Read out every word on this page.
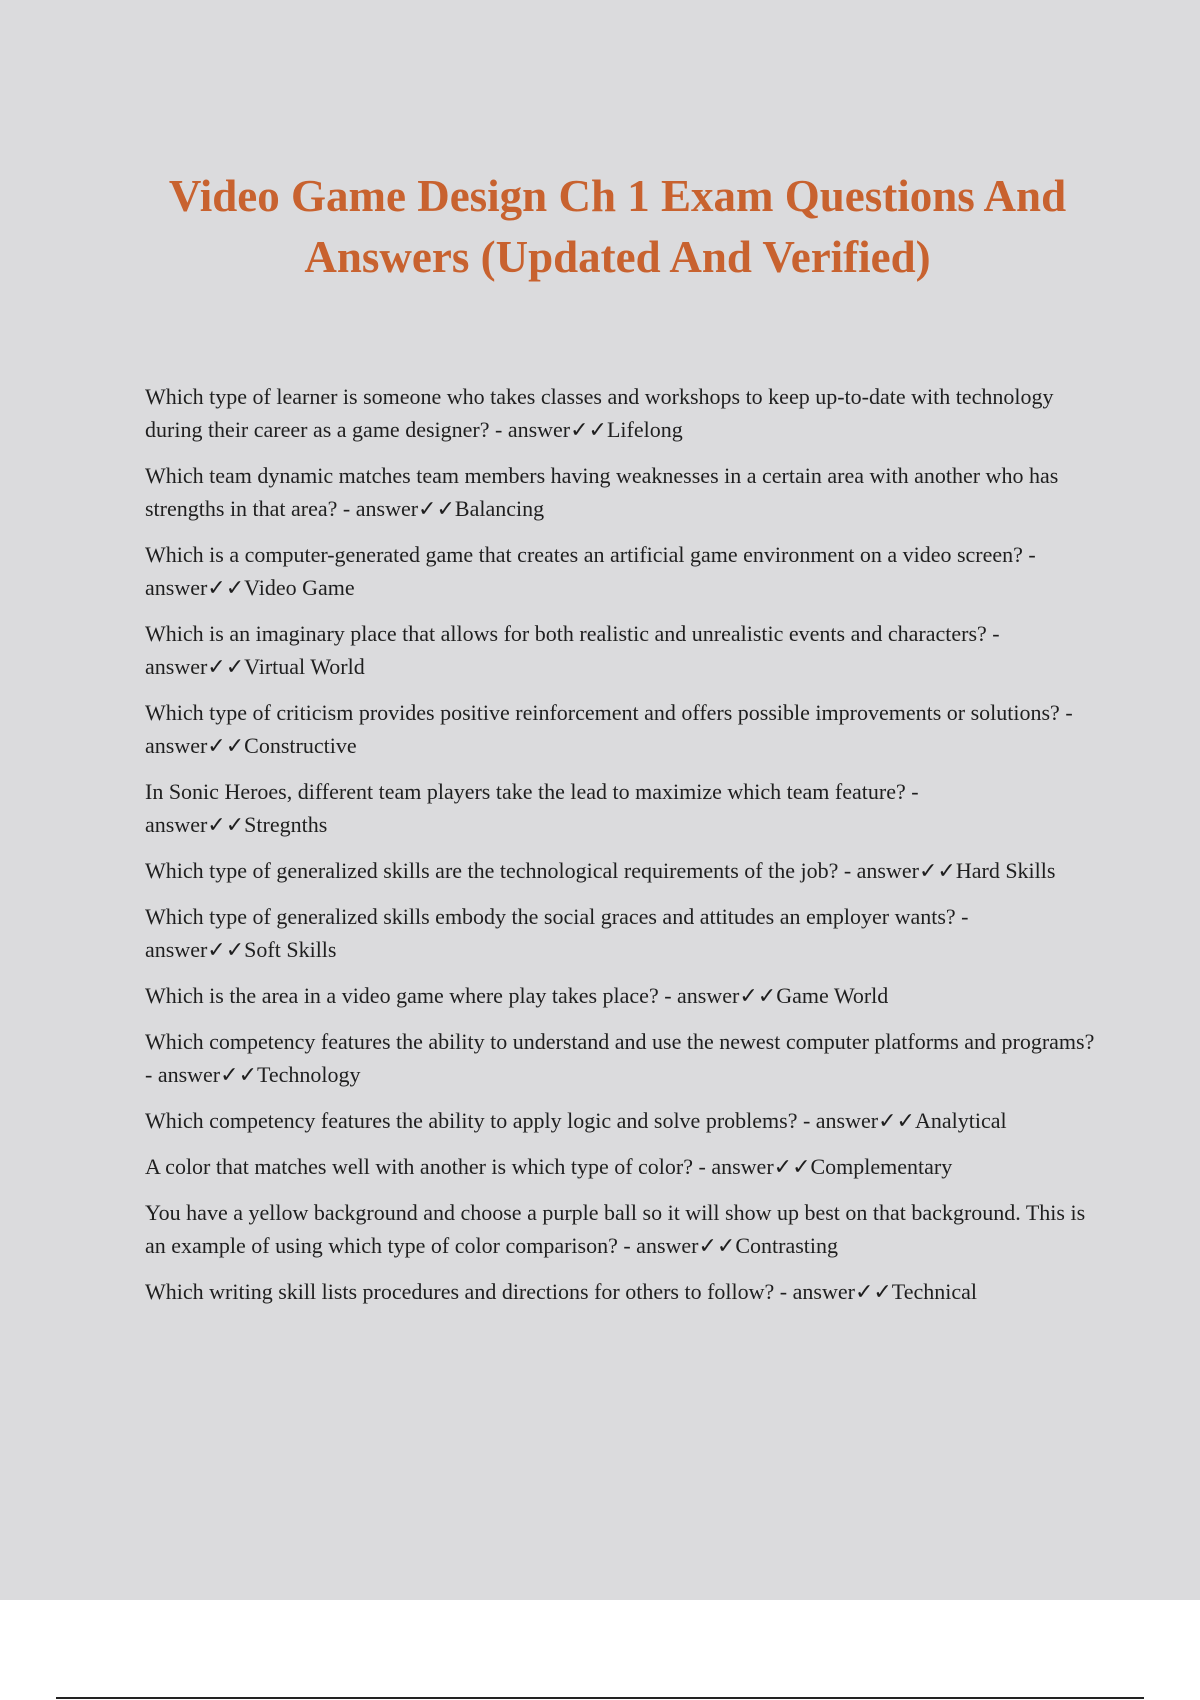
Video Game Design Ch 1 Exam Questions And Answers (Updated And Verified)
Which type of learner is someone who takes classes and workshops to keep up-to-date with technology during their career as a game designer? - answer✓✓Lifelong
Which team dynamic matches team members having weaknesses in a certain area with another who has strengths in that area? - answer✓✓Balancing
Which is a computer-generated game that creates an artificial game environment on a video screen? - answer✓✓Video Game
Which is an imaginary place that allows for both realistic and unrealistic events and characters? - answer✓✓Virtual World
Which type of criticism provides positive reinforcement and offers possible improvements or solutions? - answer✓✓Constructive
In Sonic Heroes, different team players take the lead to maximize which team feature? - answer✓✓Stregnths
Which type of generalized skills are the technological requirements of the job? - answer✓✓Hard Skills
Which type of generalized skills embody the social graces and attitudes an employer wants? - answer✓✓Soft Skills
Which is the area in a video game where play takes place? - answer✓✓Game World
Which competency features the ability to understand and use the newest computer platforms and programs? - answer✓✓Technology
Which competency features the ability to apply logic and solve problems? - answer✓✓Analytical
A color that matches well with another is which type of color? - answer✓✓Complementary
You have a yellow background and choose a purple ball so it will show up best on that background. This is an example of using which type of color comparison? - answer✓✓Contrasting
Which writing skill lists procedures and directions for others to follow? - answer✓✓Technical
